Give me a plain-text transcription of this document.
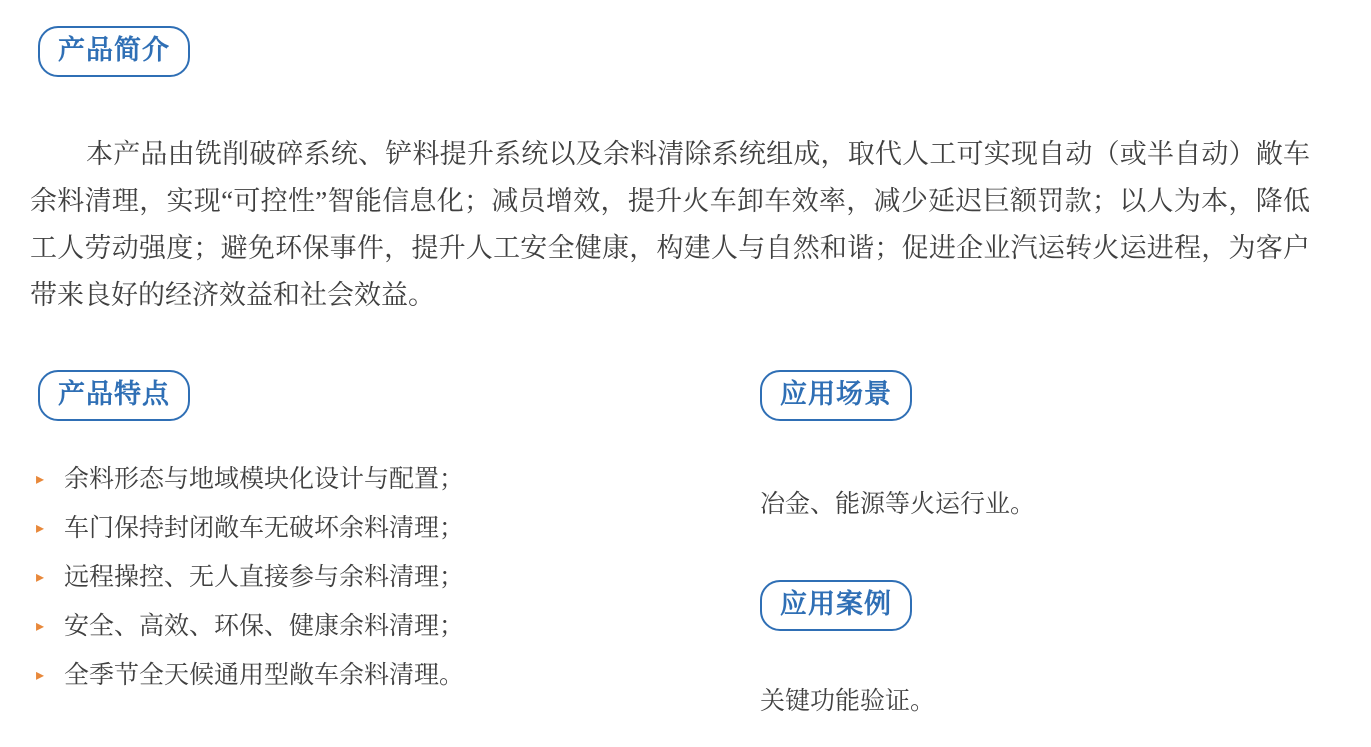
产品简介

本产品由铣削破碎系统、铲料提升系统以及余料清除系统组成，取代人工可实现自动（或半自动）敞车余料清理，实现“可控性”智能信息化；减员增效，提升火车卸车效率，减少延迟巨额罚款；以人为本，降低工人劳动强度；避免环保事件，提升人工安全健康，构建人与自然和谐；促进企业汽运转火运进程，为客户带来良好的经济效益和社会效益。

产品特点
▸ 余料形态与地域模块化设计与配置；
▸ 车门保持封闭敞车无破坏余料清理；
▸ 远程操控、无人直接参与余料清理；
▸ 安全、高效、环保、健康余料清理；
▸ 全季节全天候通用型敞车余料清理。
应用场景

冶金、能源等火运行业。

应用案例

关键功能验证。
